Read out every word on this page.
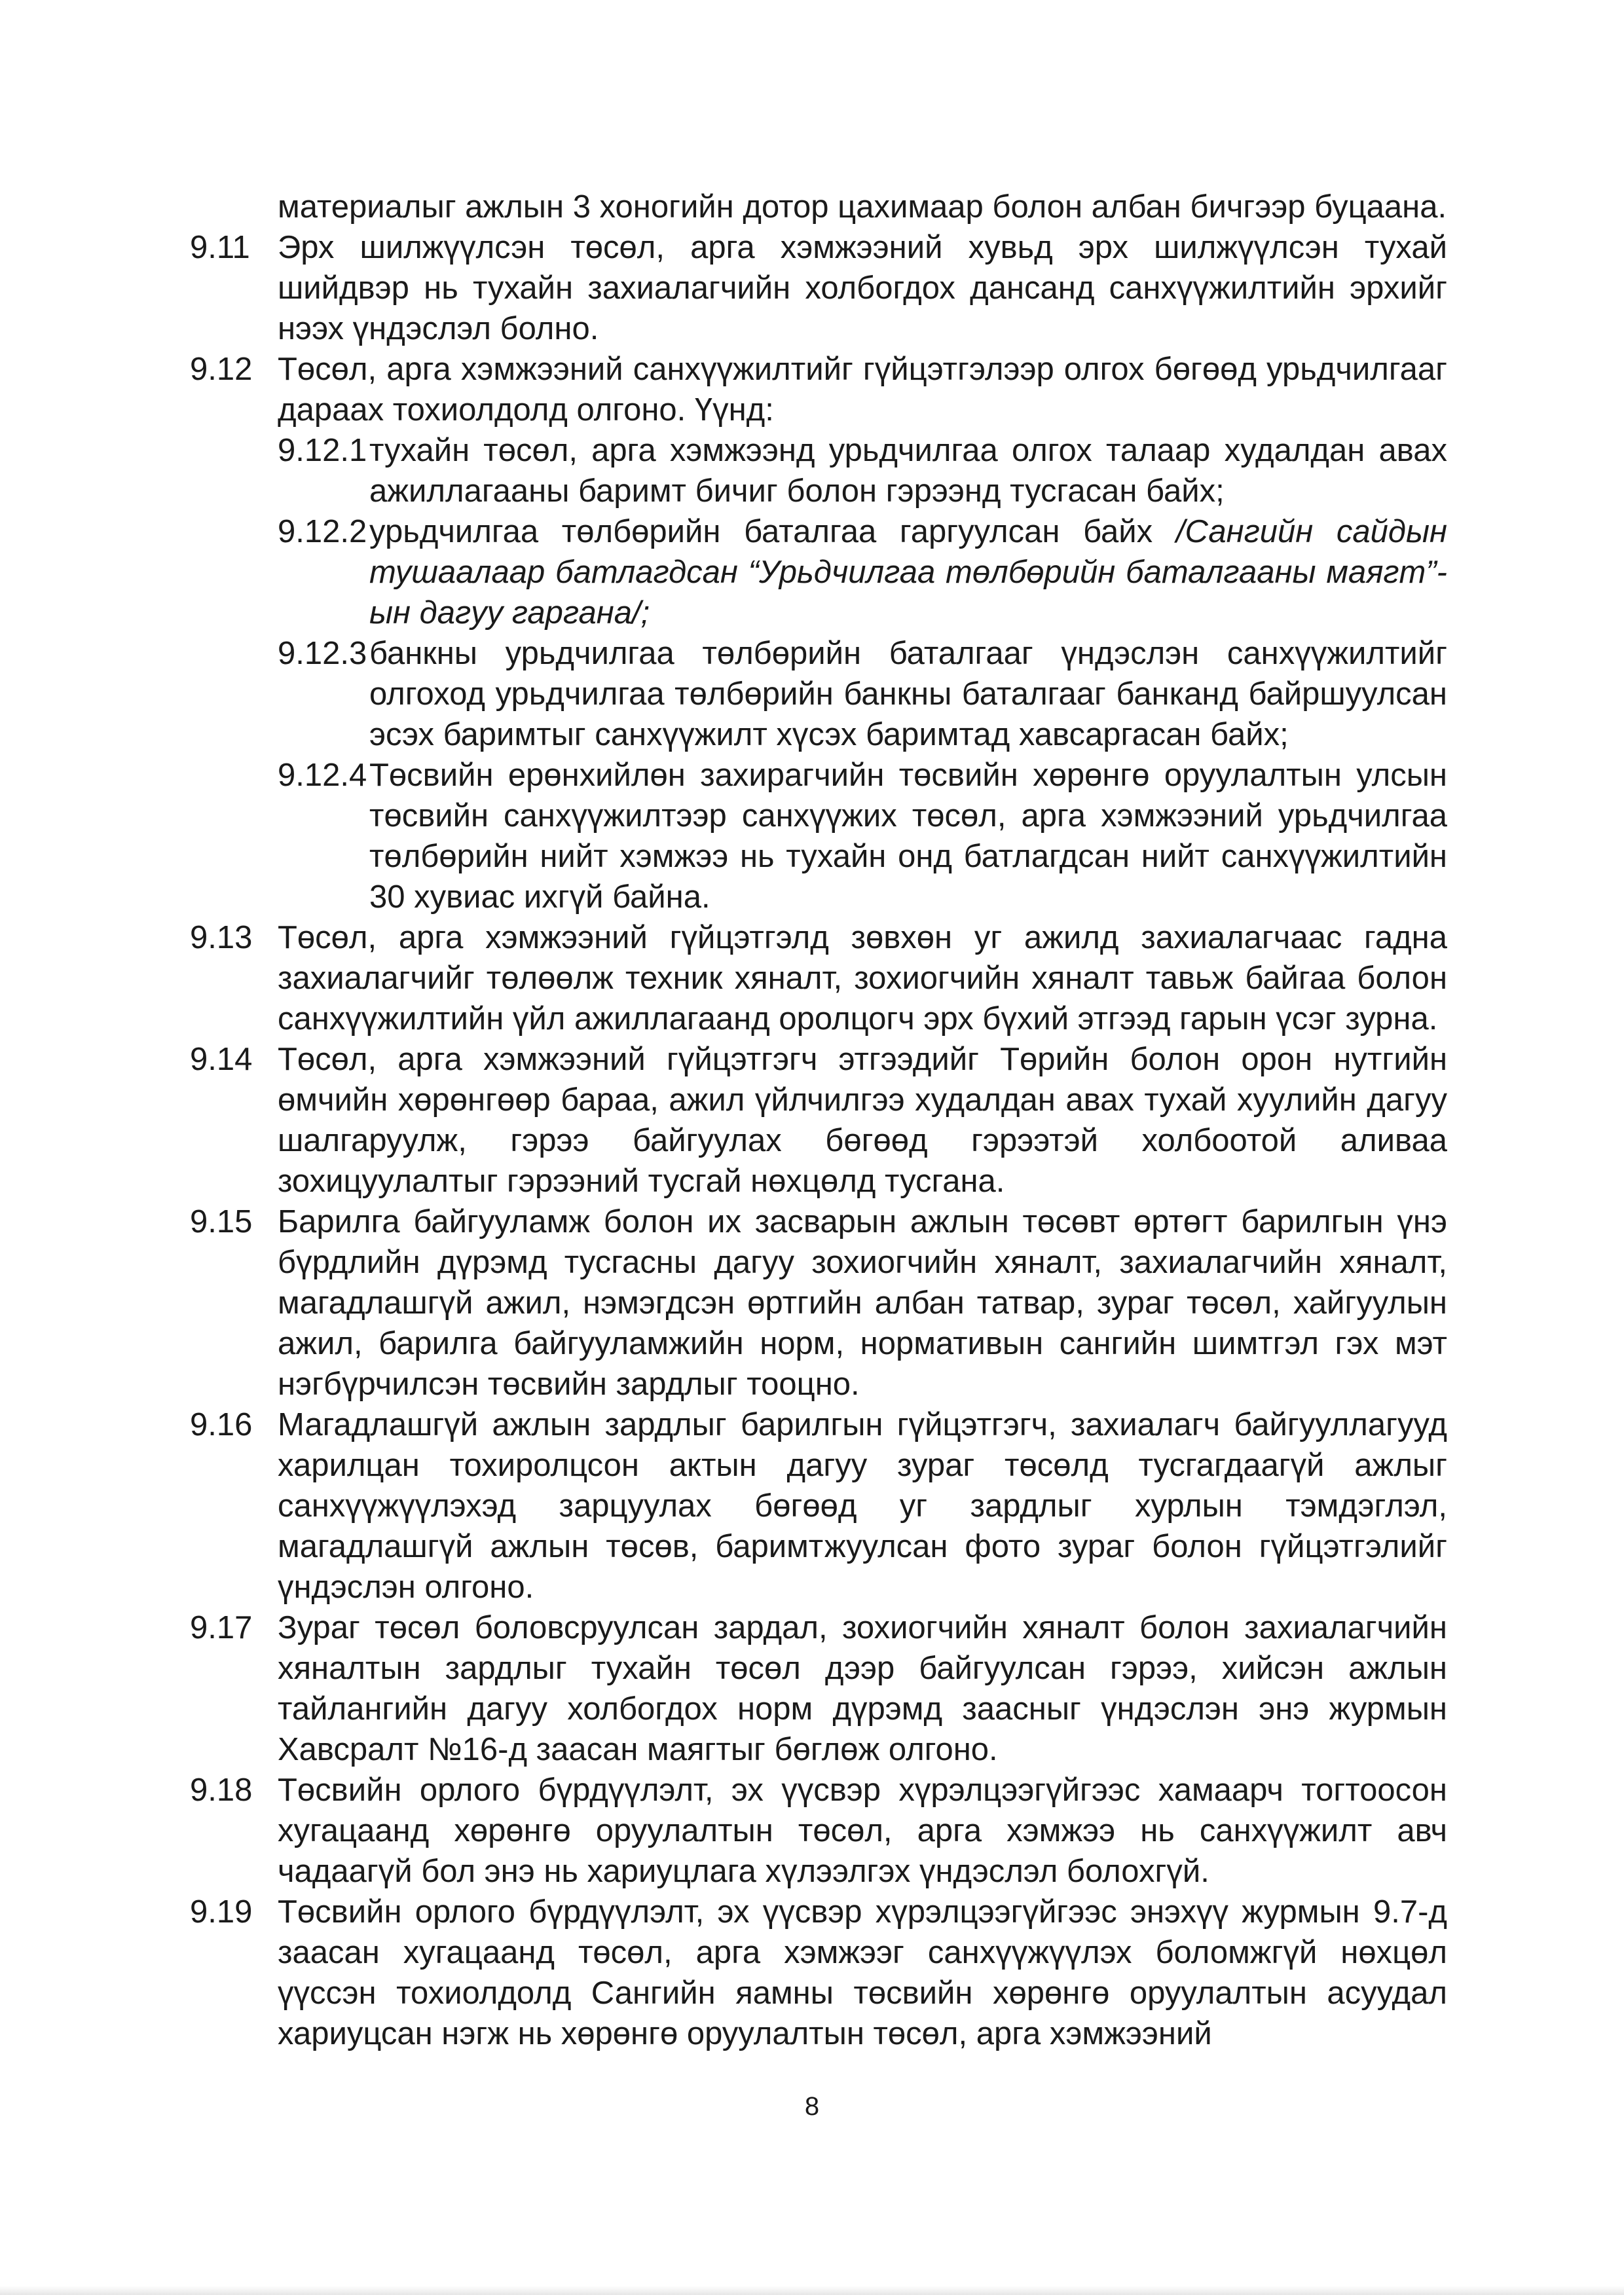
материалыг ажлын 3 хоногийн дотор цахимаар болон албан бичгээр буцаана.
9.11 Эрх шилжүүлсэн төсөл, арга хэмжээний хувьд эрх шилжүүлсэн тухай шийдвэр нь тухайн захиалагчийн холбогдох дансанд санхүүжилтийн эрхийг нээх үндэслэл болно.
9.12 Төсөл, арга хэмжээний санхүүжилтийг гүйцэтгэлээр олгох бөгөөд урьдчилгааг дараах тохиолдолд олгоно. Үүнд:
9.12.1 тухайн төсөл, арга хэмжээнд урьдчилгаа олгох талаар худалдан авах ажиллагааны баримт бичиг болон гэрээнд тусгасан байх;
9.12.2 урьдчилгаа төлбөрийн баталгаа гаргуулсан байх /Сангийн сайдын тушаалаар батлагдсан “Урьдчилгаа төлбөрийн баталгааны маягт”-ын дагуу гаргана/;
9.12.3 банкны урьдчилгаа төлбөрийн баталгааг үндэслэн санхүүжилтийг олгоход урьдчилгаа төлбөрийн банкны баталгааг банканд байршуулсан эсэх баримтыг санхүүжилт хүсэх баримтад хавсаргасан байх;
9.12.4 Төсвийн ерөнхийлөн захирагчийн төсвийн хөрөнгө оруулалтын улсын төсвийн санхүүжилтээр санхүүжих төсөл, арга хэмжээний урьдчилгаа төлбөрийн нийт хэмжээ нь тухайн онд батлагдсан нийт санхүүжилтийн 30 хувиас ихгүй байна.
9.13 Төсөл, арга хэмжээний гүйцэтгэлд зөвхөн уг ажилд захиалагчаас гадна захиалагчийг төлөөлж техник хяналт, зохиогчийн хяналт тавьж байгаа болон санхүүжилтийн үйл ажиллагаанд оролцогч эрх бүхий этгээд гарын үсэг зурна.
9.14 Төсөл, арга хэмжээний гүйцэтгэгч этгээдийг Төрийн болон орон нутгийн өмчийн хөрөнгөөр бараа, ажил үйлчилгээ худалдан авах тухай хуулийн дагуу шалгаруулж, гэрээ байгуулах бөгөөд гэрээтэй холбоотой аливаа зохицуулалтыг гэрээний тусгай нөхцөлд тусгана.
9.15 Барилга байгууламж болон их засварын ажлын төсөвт өртөгт барилгын үнэ бүрдлийн дүрэмд тусгасны дагуу зохиогчийн хяналт, захиалагчийн хяналт, магадлашгүй ажил, нэмэгдсэн өртгийн албан татвар, зураг төсөл, хайгуулын ажил, барилга байгууламжийн норм, нормативын сангийн шимтгэл гэх мэт нэгбүрчилсэн төсвийн зардлыг тооцно.
9.16 Магадлашгүй ажлын зардлыг барилгын гүйцэтгэгч, захиалагч байгууллагууд харилцан тохиролцсон актын дагуу зураг төсөлд тусгагдаагүй ажлыг санхүүжүүлэхэд зарцуулах бөгөөд уг зардлыг хурлын тэмдэглэл, магадлашгүй ажлын төсөв, баримтжуулсан фото зураг болон гүйцэтгэлийг үндэслэн олгоно.
9.17 Зураг төсөл боловсруулсан зардал, зохиогчийн хяналт болон захиалагчийн хяналтын зардлыг тухайн төсөл дээр байгуулсан гэрээ, хийсэн ажлын тайлангийн дагуу холбогдох норм дүрэмд заасныг үндэслэн энэ журмын Хавсралт №16-д заасан маягтыг бөглөж олгоно.
9.18 Төсвийн орлого бүрдүүлэлт, эх үүсвэр хүрэлцээгүйгээс хамаарч тогтоосон хугацаанд хөрөнгө оруулалтын төсөл, арга хэмжээ нь санхүүжилт авч чадаагүй бол энэ нь хариуцлага хүлээлгэх үндэслэл болохгүй.
9.19 Төсвийн орлого бүрдүүлэлт, эх үүсвэр хүрэлцээгүйгээс энэхүү журмын 9.7-д заасан хугацаанд төсөл, арга хэмжээг санхүүжүүлэх боломжгүй нөхцөл үүссэн тохиолдолд Сангийн яамны төсвийн хөрөнгө оруулалтын асуудал хариуцсан нэгж нь хөрөнгө оруулалтын төсөл, арга хэмжээний
8
